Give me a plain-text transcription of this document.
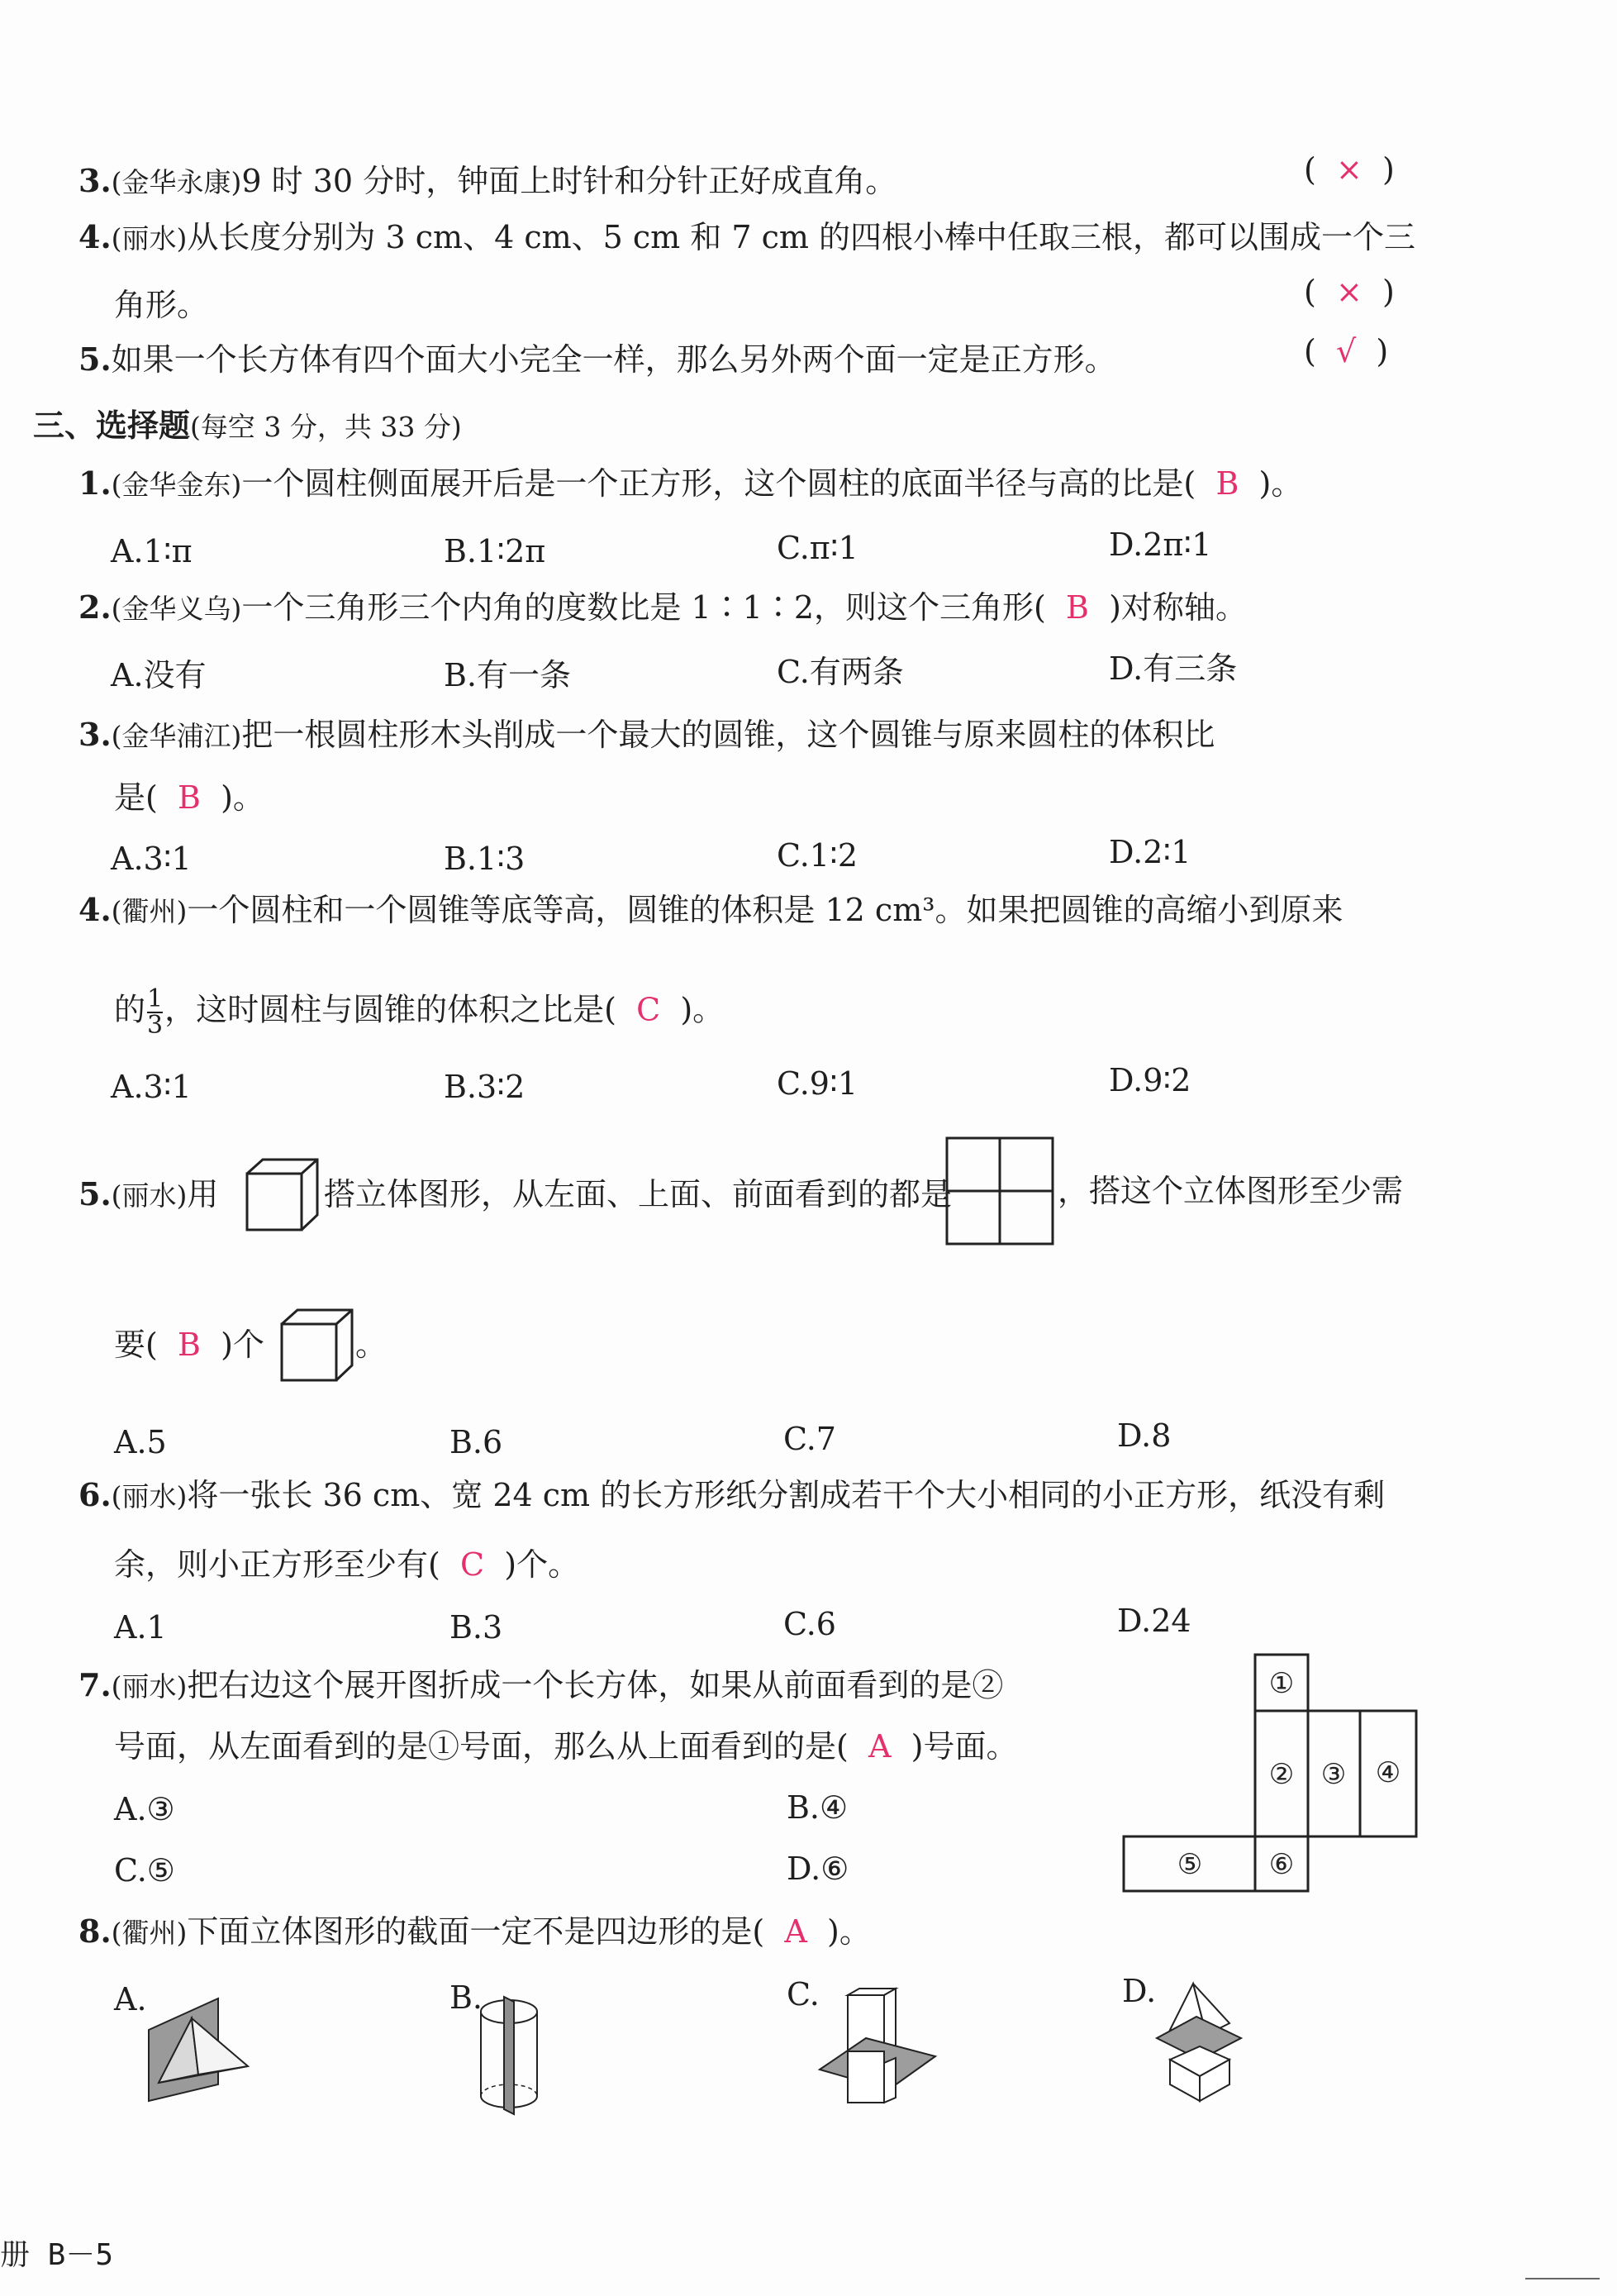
3.(金华永康)9 时 30 分时，钟面上时针和分针正好成直角。	(  ×  )
4.(丽水)从长度分别为 3 cm、4 cm、5 cm 和 7 cm 的四根小棒中任取三根，都可以围成一个三
角形。	(  ×  )
5.如果一个长方体有四个面大小完全一样，那么另外两个面一定是正方形。	(  √  )
三、选择题(每空 3 分，共 33 分)
1.(金华金东)一个圆柱侧面展开后是一个正方形，这个圆柱的底面半径与高的比是( B )。
A.1∶π	B.1∶2π	C.π∶1	D.2π∶1
2.(金华义乌)一个三角形三个内角的度数比是 1∶1∶2，则这个三角形( B )对称轴。
A.没有	B.有一条	C.有两条	D.有三条
3.(金华浦江)把一根圆柱形木头削成一个最大的圆锥，这个圆锥与原来圆柱的体积比
是( B )。
A.3∶1	B.1∶3	C.1∶2	D.2∶1
4.(衢州)一个圆柱和一个圆锥等底等高，圆锥的体积是 12 cm³。如果把圆锥的高缩小到原来
的 $\frac{1}{3}$ ，这时圆柱与圆锥的体积之比是( C )。
A.3∶1	B.3∶2	C.9∶1	D.9∶2
5.(丽水)用	搭立体图形，从左面、上面、前面看到的都是	，搭这个立体图形至少需
要( B )个	。
A.5	B.6	C.7	D.8
6.(丽水)将一张长 36 cm、宽 24 cm 的长方形纸分割成若干个大小相同的小正方形，纸没有剩
余，则小正方形至少有( C )个。
A.1	B.3	C.6	D.24
7.(丽水)把右边这个展开图折成一个长方体，如果从前面看到的是②
号面，从左面看到的是①号面，那么从上面看到的是( A )号面。
A.③	B.④
C.⑤	D.⑥
①
② ③ ④
⑤ ⑥
8.(衢州)下面立体图形的截面一定不是四边形的是( A )。
A.	B.	C.	D.
册 B－5
